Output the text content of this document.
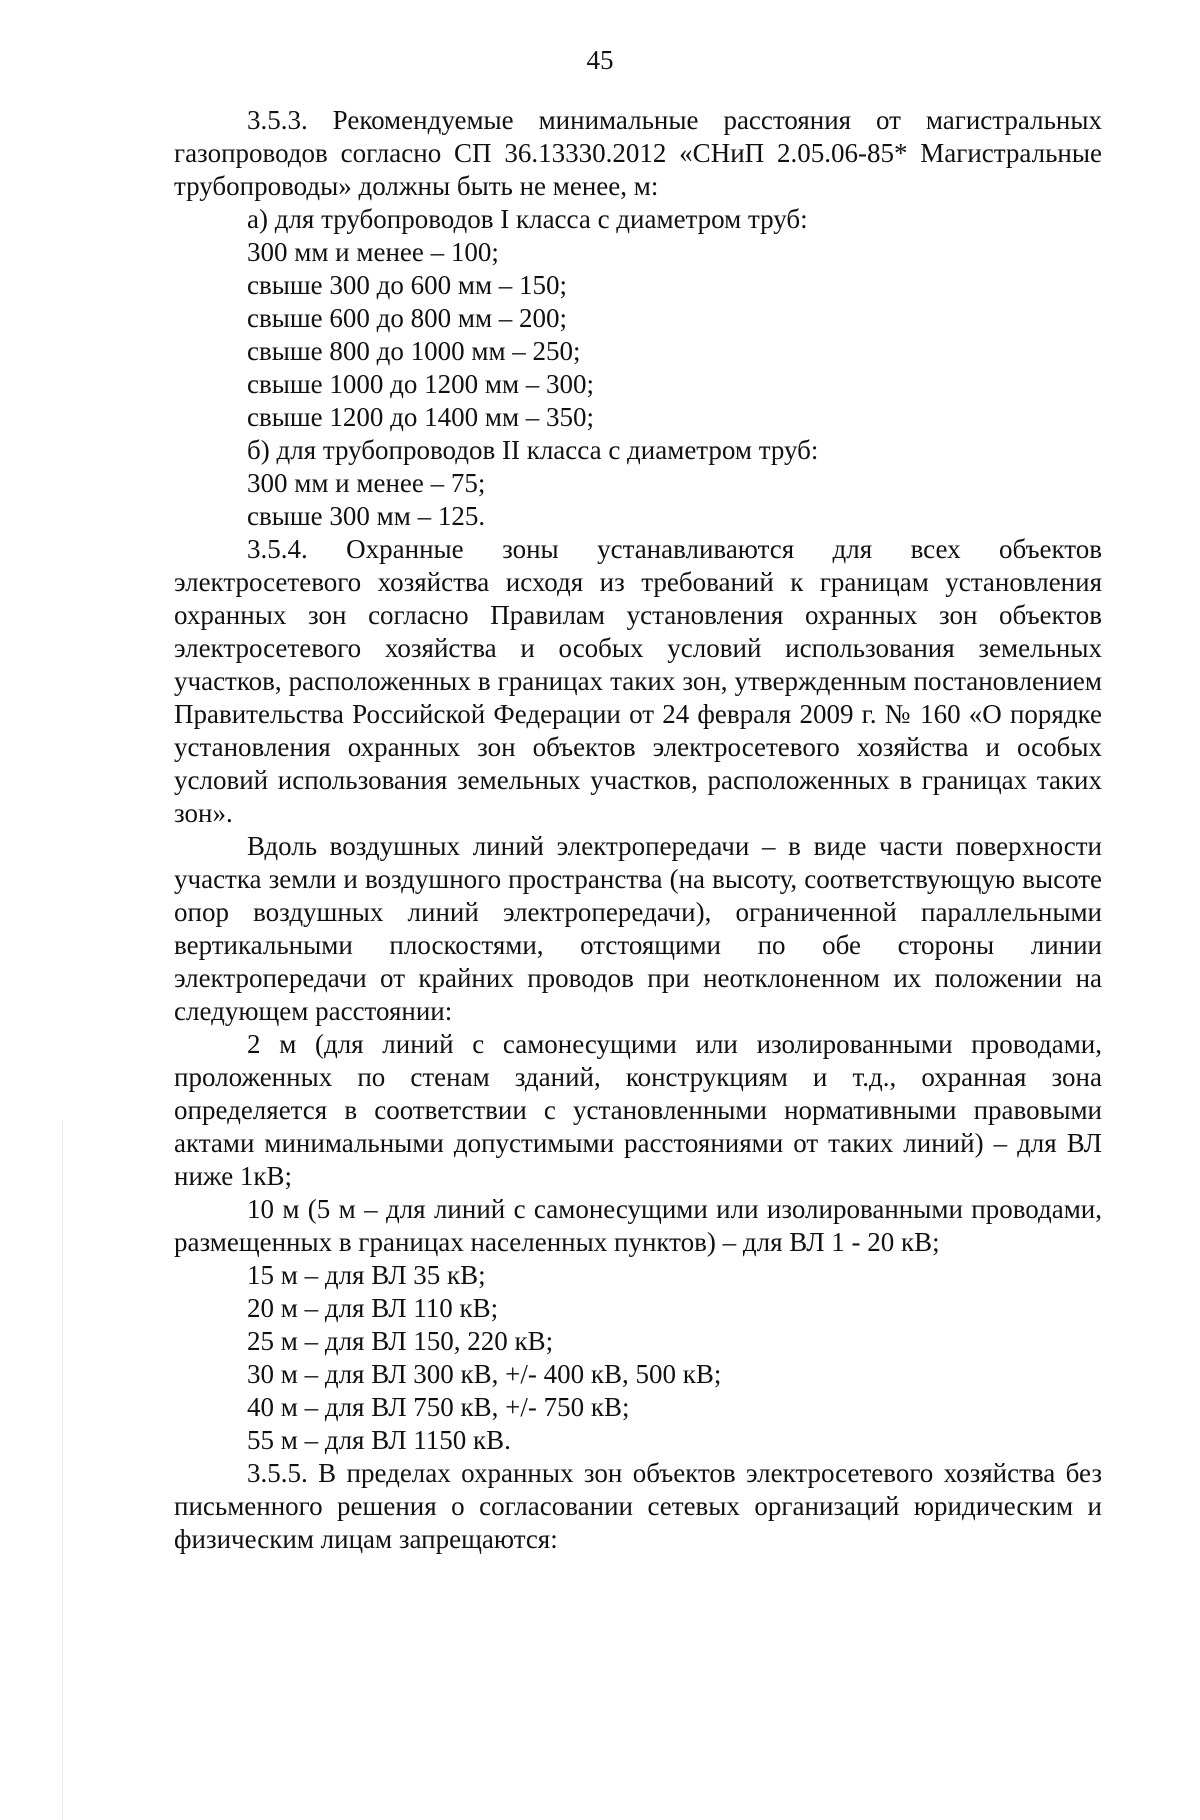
45

3.5.3. Рекомендуемые минимальные расстояния от магистральных газопроводов согласно СП 36.13330.2012 «СНиП 2.05.06-85* Магистральные трубопроводы» должны быть не менее, м:

а) для трубопроводов I класса с диаметром труб:

300 мм и менее – 100;

свыше 300 до 600 мм – 150;

свыше 600 до 800 мм – 200;

свыше 800 до 1000 мм – 250;

свыше 1000 до 1200 мм – 300;

свыше 1200 до 1400 мм – 350;

б) для трубопроводов II класса с диаметром труб:

300 мм и менее – 75;

свыше 300 мм – 125.

3.5.4. Охранные зоны устанавливаются для всех объектов электросетевого хозяйства исходя из требований к границам установления охранных зон согласно Правилам установления охранных зон объектов электросетевого хозяйства и особых условий использования земельных участков, расположенных в границах таких зон, утвержденным постановлением Правительства Российской Федерации от 24 февраля 2009 г. № 160 «О порядке установления охранных зон объектов электросетевого хозяйства и особых условий использования земельных участков, расположенных в границах таких зон».

Вдоль воздушных линий электропередачи – в виде части поверхности участка земли и воздушного пространства (на высоту, соответствующую высоте опор воздушных линий электропередачи), ограниченной параллельными вертикальными плоскостями, отстоящими по обе стороны линии электропередачи от крайних проводов при неотклоненном их положении на следующем расстоянии:

2 м (для линий с самонесущими или изолированными проводами, проложенных по стенам зданий, конструкциям и т.д., охранная зона определяется в соответствии с установленными нормативными правовыми актами минимальными допустимыми расстояниями от таких линий) – для ВЛ ниже 1кВ;

10 м (5 м – для линий с самонесущими или изолированными проводами, размещенных в границах населенных пунктов) – для ВЛ 1 - 20 кВ;

15 м – для ВЛ 35 кВ;

20 м – для ВЛ 110 кВ;

25 м – для ВЛ 150, 220 кВ;

30 м – для ВЛ 300 кВ, +/- 400 кВ, 500 кВ;

40 м – для ВЛ 750 кВ, +/- 750 кВ;

55 м – для ВЛ 1150 кВ.

3.5.5. В пределах охранных зон объектов электросетевого хозяйства без письменного решения о согласовании сетевых организаций юридическим и физическим лицам запрещаются:
